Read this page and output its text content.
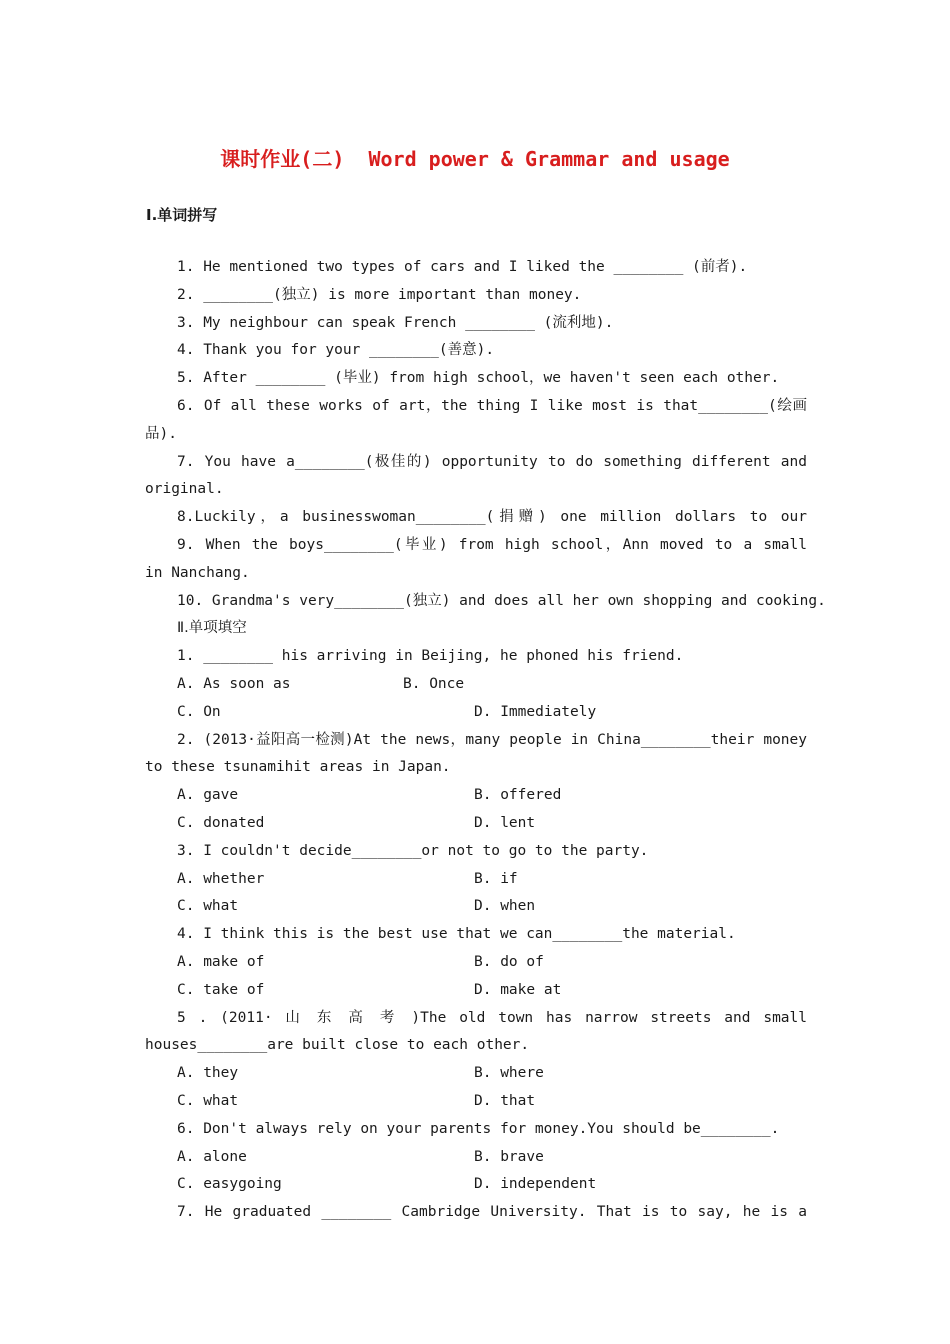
课时作业(二)  Word power & Grammar and usage
Ⅰ.单词拼写
1. He mentioned two types of cars and I liked the ________ (前者).
2. ________(独立) is more important than money.
3. My neighbour can speak French ________ (流利地).
4. Thank you for your ________(善意).
5. After ________ (毕业) from high school，we haven't seen each other.
6. Of all these works of art，the thing I like most is that________(绘画
品).
7. You have a________(极佳的) opportunity to do something different and
original.
8.Luckily，a businesswoman________(捐赠) one million dollars to our
9. When the boys________(毕业) from high school，Ann moved to a small
in Nanchang.
10. Grandma's very________(独立) and does all her own shopping and cooking.
Ⅱ.单项填空
1. ________ his arriving in Beijing, he phoned his friend.
A. As soon as	B. Once
C. On	D. Immediately
2. (2013·益阳高一检测)At the news，many people in China________their money
to these tsunamihit areas in Japan.
A. gave	B. offered
C. donated	D. lent
3. I couldn't decide________or not to go to the party.
A. whether	B. if
C. what	D. when
4. I think this is the best use that we can________the material.
A. make of	B. do of
C. take of	D. make at
5 . (2011· 山 东 高 考 )The old town has narrow streets and small
houses________are built close to each other.
A. they	B. where
C. what	D. that
6. Don't always rely on your parents for money.You should be________.
A. alone	B. brave
C. easygoing	D. independent
7. He graduated ________ Cambridge University. That is to say, he is a
